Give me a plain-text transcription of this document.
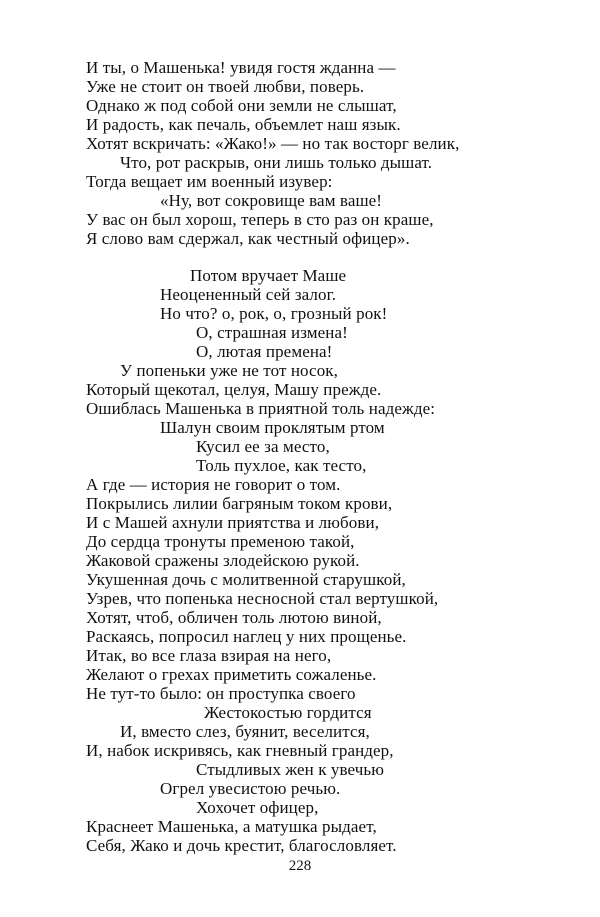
И ты, о Машенька! увидя гостя жданна —
Уже не стоит он твоей любви, поверь.
Однако ж под собой они земли не слышат,
И радость, как печаль, объемлет наш язык.
Хотят вскричать: «Жако!» — но так восторг велик,
Что, рот раскрыв, они лишь только дышат.
Тогда вещает им военный изувер:
«Ну, вот сокровище вам ваше!
У вас он был хорош, теперь в сто раз он краше,
Я слово вам сдержал, как честный офицер».
Потом вручает Маше
Неоцененный сей залог.
Но что? о, рок, о, грозный рок!
О, страшная измена!
О, лютая премена!
У попеньки уже не тот носок,
Который щекотал, целуя, Машу прежде.
Ошиблась Машенька в приятной толь надежде:
Шалун своим проклятым ртом
Кусил ее за место,
Толь пухлое, как тесто,
А где — история не говорит о том.
Покрылись лилии багряным током крови,
И с Машей ахнули приятства и любови,
До сердца тронуты пременою такой,
Жаковой сражены злодейскою рукой.
Укушенная дочь с молитвенной старушкой,
Узрев, что попенька несносной стал вертушкой,
Хотят, чтоб, обличен толь лютою виной,
Раскаясь, попросил наглец у них прощенье.
Итак, во все глаза взирая на него,
Желают о грехах приметить сожаленье.
Не тут-то было: он проступка своего
Жестокостью гордится
И, вместо слез, буянит, веселится,
И, набок искривясь, как гневный грандер,
Стыдливых жен к увечью
Огрел увесистою речью.
Хохочет офицер,
Краснеет Машенька, а матушка рыдает,
Себя, Жако и дочь крестит, благословляет.
228
